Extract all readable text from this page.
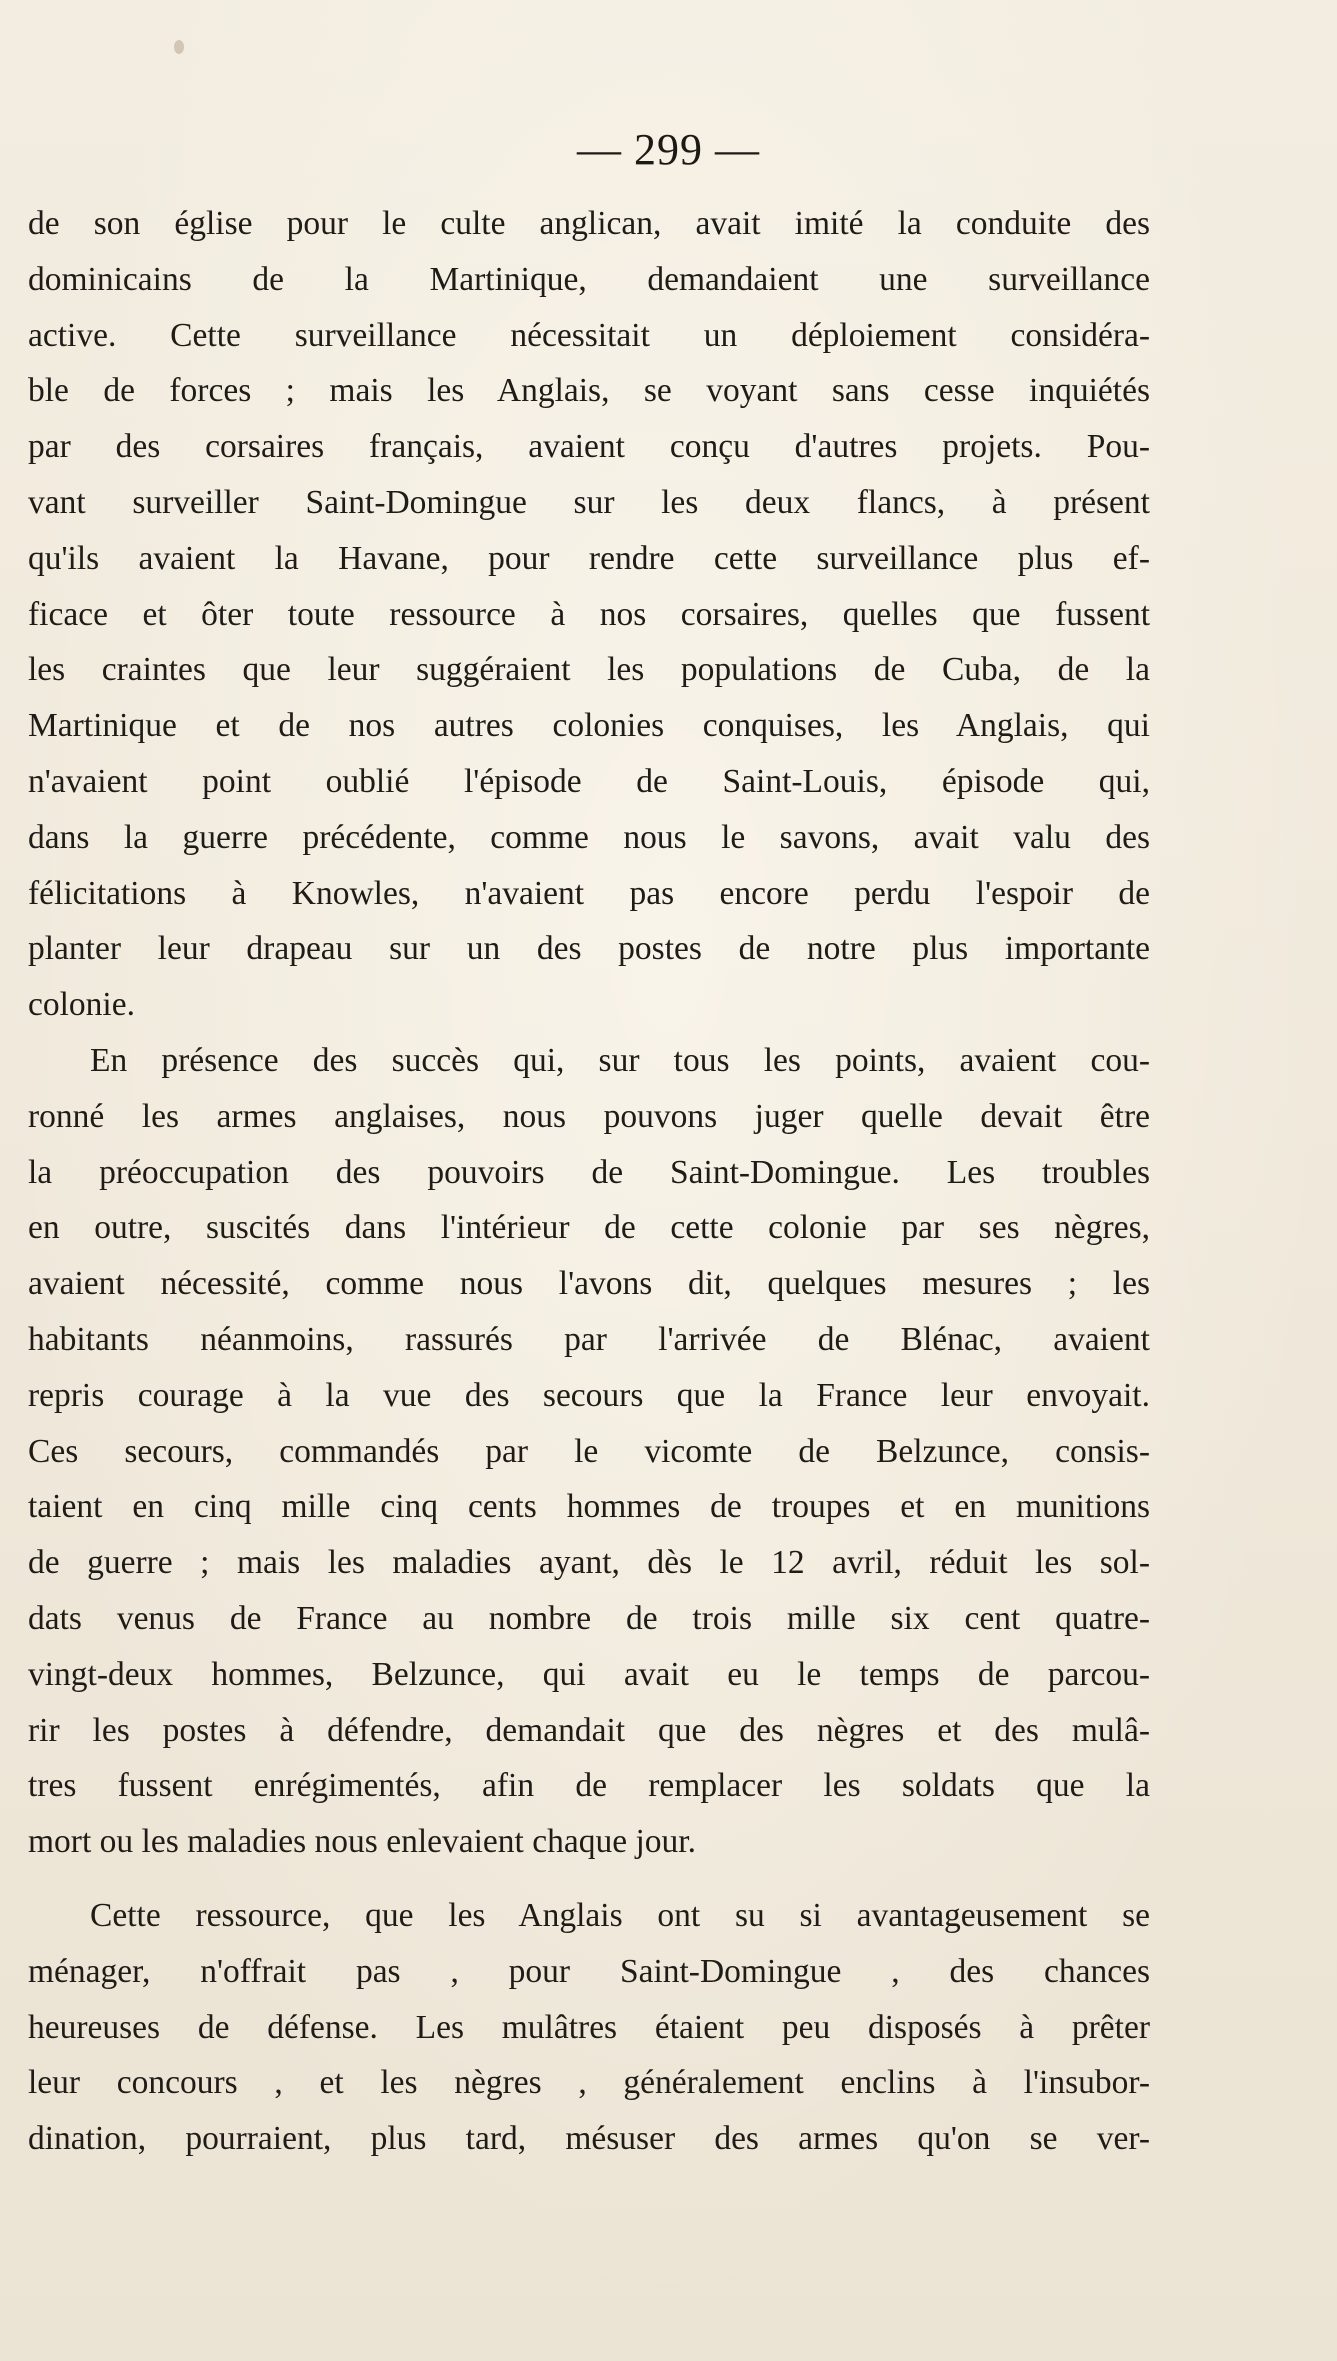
— 299 —
de son église pour le culte anglican, avait imité la conduite des
dominicains de la Martinique, demandaient une surveillance
active. Cette surveillance nécessitait un déploiement considéra-
ble de forces ; mais les Anglais, se voyant sans cesse inquiétés
par des corsaires français, avaient conçu d'autres projets. Pou-
vant surveiller Saint-Domingue sur les deux flancs, à présent
qu'ils avaient la Havane, pour rendre cette surveillance plus ef-
ficace et ôter toute ressource à nos corsaires, quelles que fussent
les craintes que leur suggéraient les populations de Cuba, de la
Martinique et de nos autres colonies conquises, les Anglais, qui
n'avaient point oublié l'épisode de Saint-Louis, épisode qui,
dans la guerre précédente, comme nous le savons, avait valu des
félicitations à Knowles, n'avaient pas encore perdu l'espoir de
planter leur drapeau sur un des postes de notre plus importante
colonie.
En présence des succès qui, sur tous les points, avaient cou-
ronné les armes anglaises, nous pouvons juger quelle devait être
la préoccupation des pouvoirs de Saint-Domingue. Les troubles
en outre, suscités dans l'intérieur de cette colonie par ses nègres,
avaient nécessité, comme nous l'avons dit, quelques mesures ; les
habitants néanmoins, rassurés par l'arrivée de Blénac, avaient
repris courage à la vue des secours que la France leur envoyait.
Ces secours, commandés par le vicomte de Belzunce, consis-
taient en cinq mille cinq cents hommes de troupes et en munitions
de guerre ; mais les maladies ayant, dès le 12 avril, réduit les sol-
dats venus de France au nombre de trois mille six cent quatre-
vingt-deux hommes, Belzunce, qui avait eu le temps de parcou-
rir les postes à défendre, demandait que des nègres et des mulâ-
tres fussent enrégimentés, afin de remplacer les soldats que la
mort ou les maladies nous enlevaient chaque jour.
Cette ressource, que les Anglais ont su si avantageusement se
ménager, n'offrait pas , pour Saint-Domingue , des chances
heureuses de défense. Les mulâtres étaient peu disposés à prêter
leur concours , et les nègres , généralement enclins à l'insubor-
dination, pourraient, plus tard, mésuser des armes qu'on se ver-
